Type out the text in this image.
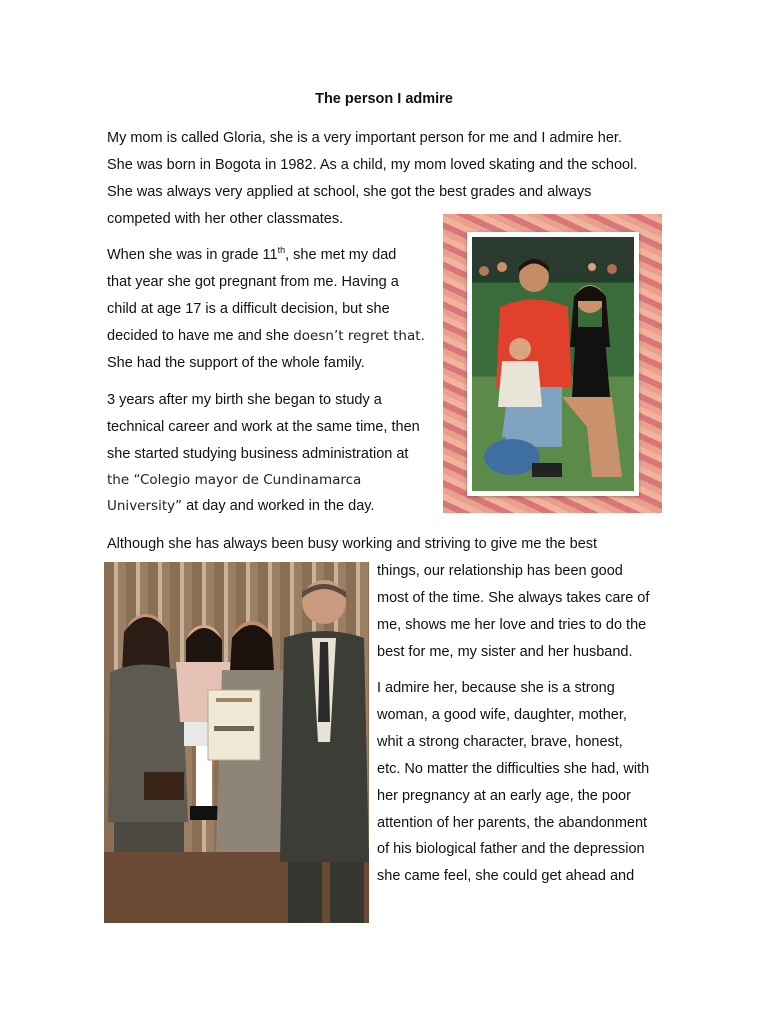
The person I admire
My mom is called Gloria, she is a very important person for me and I admire her.
She was born in Bogota in 1982. As a child, my mom loved skating and the school.
She was always very applied at school, she got the best grades and always
competed with her other classmates.
When she was in grade 11th, she met my dad
that year she got pregnant from me. Having a
child at age 17 is a difficult decision, but she
decided to have me and she doesn’t regret that.
She had the support of the whole family.
3 years after my birth she began to study a
technical career and work at the same time, then
she started studying business administration at
the “Colegio mayor de Cundinamarca
University” at day and worked in the day.
Although she has always been busy working and striving to give me the best
things, our relationship has been good
most of the time. She always takes care of
me, shows me her love and tries to do the
best for me, my sister and her husband.
I admire her, because she is a strong
woman, a good wife, daughter, mother,
whit a strong character, brave, honest,
etc. No matter the difficulties she had, with
her pregnancy at an early age, the poor
attention of her parents, the abandonment
of his biological father and the depression
she came feel, she could get ahead and
